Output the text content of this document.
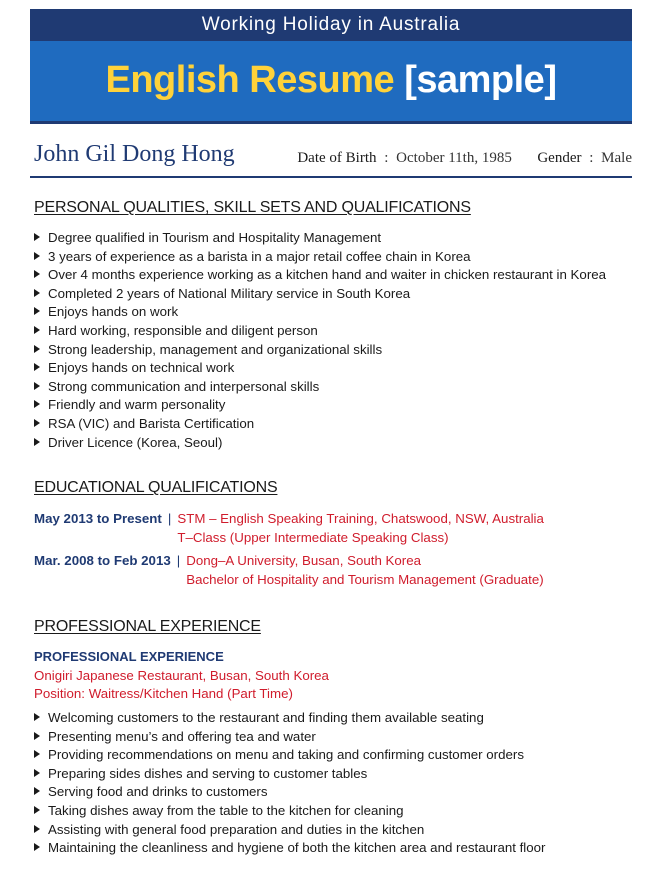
Working Holiday in Australia
English Resume [sample]
John Gil Dong Hong	Date of Birth : October 11th, 1985 Gender : Male
PERSONAL QUALITIES, SKILL SETS AND QUALIFICATIONS
Degree qualified in Tourism and Hospitality Management
3 years of experience as a barista in a major retail coffee chain in Korea
Over 4 months experience working as a kitchen hand and waiter in chicken restaurant in Korea
Completed 2 years of National Military service in South Korea
Enjoys hands on work
Hard working, responsible and diligent person
Strong leadership, management and organizational skills
Enjoys hands on technical work
Strong communication and interpersonal skills
Friendly and warm personality
RSA (VIC) and Barista Certification
Driver Licence (Korea, Seoul)
EDUCATIONAL QUALIFICATIONS
May 2013 to Present | STM – English Speaking Training, Chatswood, NSW, Australia
T–Class (Upper Intermediate Speaking Class)
Mar. 2008 to Feb 2013 | Dong–A University, Busan, South Korea
Bachelor of Hospitality and Tourism Management (Graduate)
PROFESSIONAL EXPERIENCE
PROFESSIONAL EXPERIENCE
Onigiri Japanese Restaurant, Busan, South Korea
Position: Waitress/Kitchen Hand (Part Time)
Welcoming customers to the restaurant and finding them available seating
Presenting menu’s and offering tea and water
Providing recommendations on menu and taking and confirming customer orders
Preparing sides dishes and serving to customer tables
Serving food and drinks to customers
Taking dishes away from the table to the kitchen for cleaning
Assisting with general food preparation and duties in the kitchen
Maintaining the cleanliness and hygiene of both the kitchen area and restaurant floor
